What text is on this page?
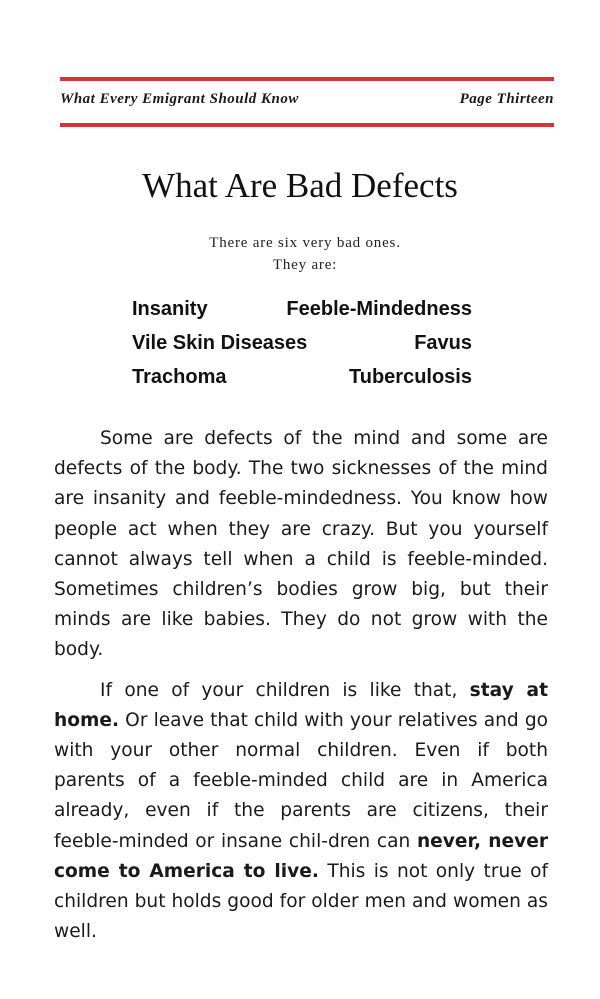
What Every Emigrant Should Know	Page Thirteen
What Are Bad Defects
There are six very bad ones.
They are:
Insanity	Feeble-Mindedness
Vile Skin Diseases	Favus
Trachoma	Tuberculosis

Some are defects of the mind and some are defects of the body. The two sicknesses of the mind are insanity and feeble-mindedness. You know how people act when they are crazy. But you yourself cannot always tell when a child is feeble-minded. Sometimes children’s bodies grow big, but their minds are like babies. They do not grow with the body.

If one of your children is like that, stay at home. Or leave that child with your relatives and go with your other normal children. Even if both parents of a feeble-minded child are in America already, even if the parents are citizens, their feeble-minded or insane chil-dren can never, never come to America to live. This is not only true of children but holds good for older men and women as well.
